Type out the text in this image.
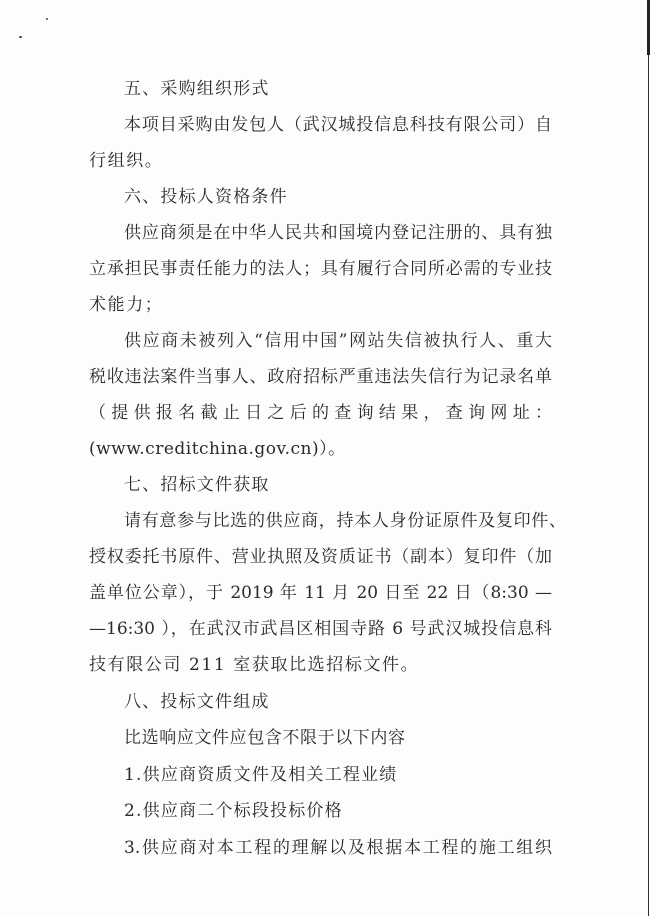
五、采购组织形式
本项目采购由发包人（武汉城投信息科技有限公司）自
行组织。
六、投标人资格条件
供应商须是在中华人民共和国境内登记注册的、具有独
立承担民事责任能力的法人；具有履行合同所必需的专业技
术能力；
供应商未被列入“信用中国”网站失信被执行人、重大
税收违法案件当事人、政府招标严重违法失信行为记录名单
（提供报名截止日之后的查询结果，查询网址：
(www.creditchina.gov.cn)）。
七、招标文件获取
请有意参与比选的供应商，持本人身份证原件及复印件、
授权委托书原件、营业执照及资质证书（副本）复印件（加
盖单位公章），于 2019 年 11 月 20 日至 22 日（8:30 —
—16:30 ），在武汉市武昌区相国寺路 6 号武汉城投信息科
技有限公司 211 室获取比选招标文件。
八、投标文件组成
比选响应文件应包含不限于以下内容
1.供应商资质文件及相关工程业绩
2.供应商二个标段投标价格
3.供应商对本工程的理解以及根据本工程的施工组织
